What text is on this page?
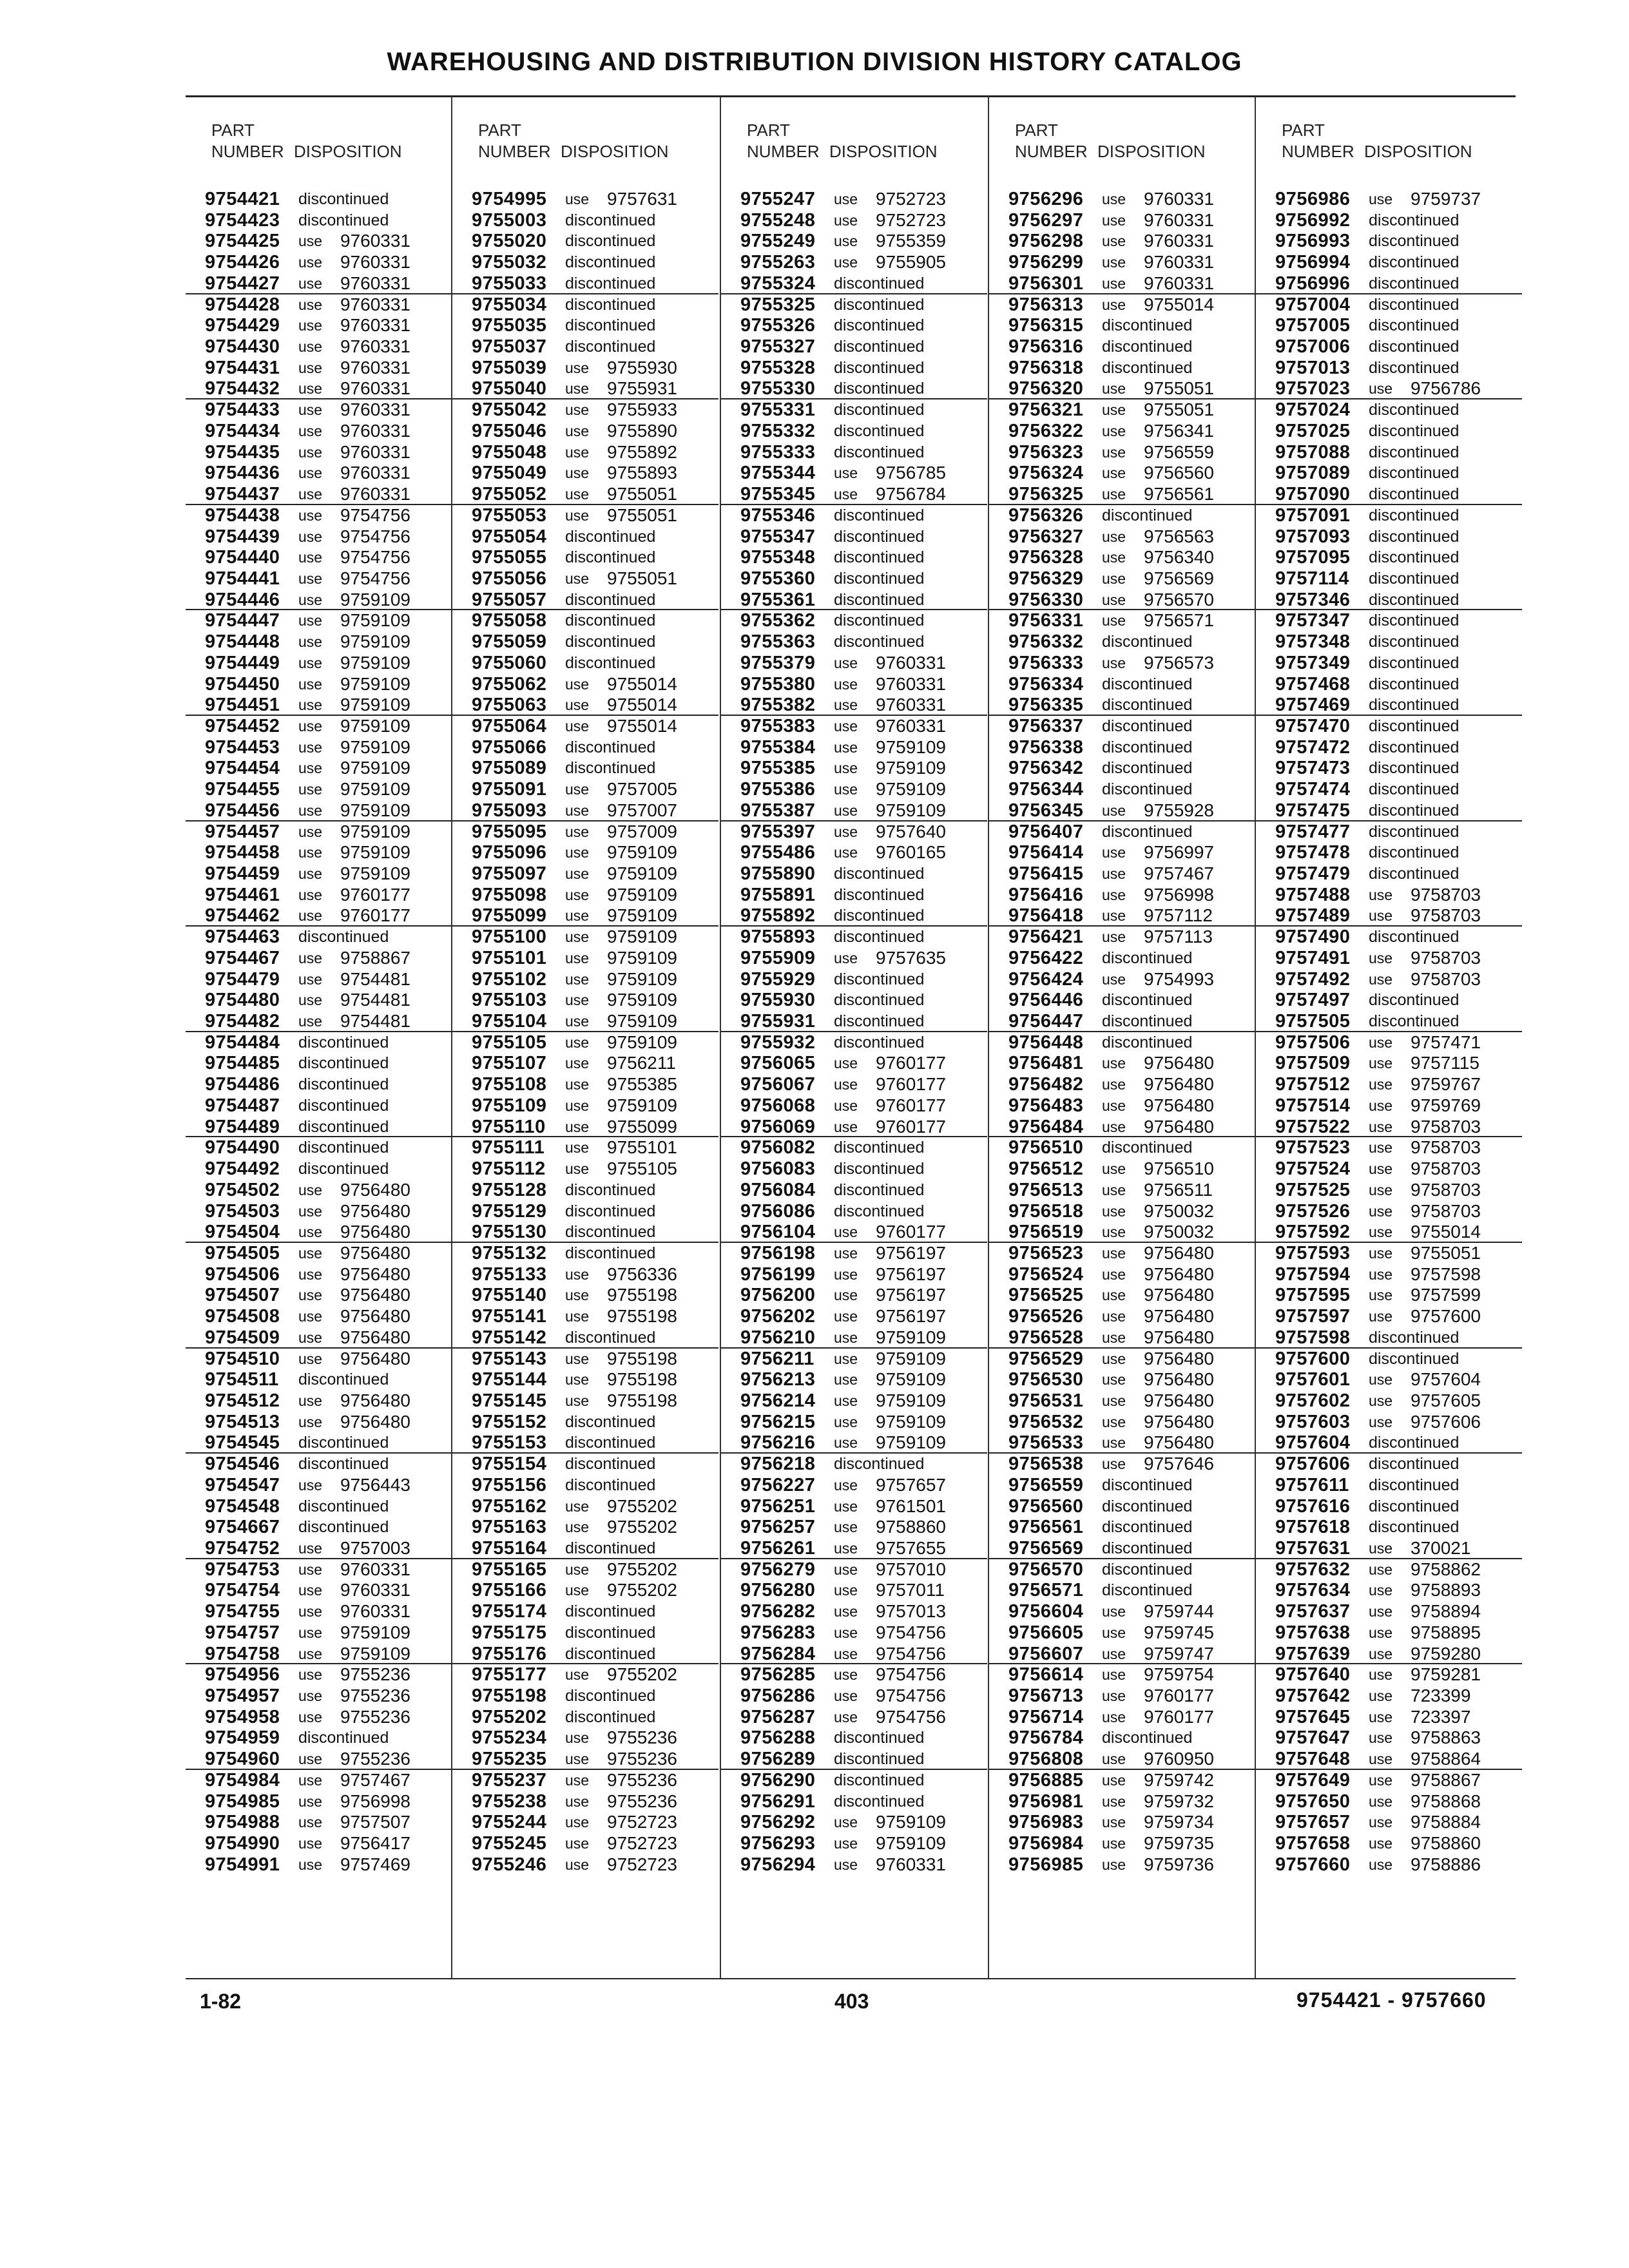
WAREHOUSING AND DISTRIBUTION DIVISION HISTORY CATALOG
PART
NUMBER DISPOSITION
9754421 discontinued
9754423 discontinued
9754425 use 9760331
9754426 use 9760331
9754427 use 9760331
9754428 use 9760331
9754429 use 9760331
9754430 use 9760331
9754431 use 9760331
9754432 use 9760331
9754433 use 9760331
9754434 use 9760331
9754435 use 9760331
9754436 use 9760331
9754437 use 9760331
9754438 use 9754756
9754439 use 9754756
9754440 use 9754756
9754441 use 9754756
9754446 use 9759109
9754447 use 9759109
9754448 use 9759109
9754449 use 9759109
9754450 use 9759109
9754451 use 9759109
9754452 use 9759109
9754453 use 9759109
9754454 use 9759109
9754455 use 9759109
9754456 use 9759109
9754457 use 9759109
9754458 use 9759109
9754459 use 9759109
9754461 use 9760177
9754462 use 9760177
9754463 discontinued
9754467 use 9758867
9754479 use 9754481
9754480 use 9754481
9754482 use 9754481
9754484 discontinued
9754485 discontinued
9754486 discontinued
9754487 discontinued
9754489 discontinued
9754490 discontinued
9754492 discontinued
9754502 use 9756480
9754503 use 9756480
9754504 use 9756480
9754505 use 9756480
9754506 use 9756480
9754507 use 9756480
9754508 use 9756480
9754509 use 9756480
9754510 use 9756480
9754511 discontinued
9754512 use 9756480
9754513 use 9756480
9754545 discontinued
9754546 discontinued
9754547 use 9756443
9754548 discontinued
9754667 discontinued
9754752 use 9757003
9754753 use 9760331
9754754 use 9760331
9754755 use 9760331
9754757 use 9759109
9754758 use 9759109
9754956 use 9755236
9754957 use 9755236
9754958 use 9755236
9754959 discontinued
9754960 use 9755236
9754984 use 9757467
9754985 use 9756998
9754988 use 9757507
9754990 use 9756417
9754991 use 9757469
PART
NUMBER DISPOSITION
9754995 use 9757631
9755003 discontinued
9755020 discontinued
9755032 discontinued
9755033 discontinued
9755034 discontinued
9755035 discontinued
9755037 discontinued
9755039 use 9755930
9755040 use 9755931
9755042 use 9755933
9755046 use 9755890
9755048 use 9755892
9755049 use 9755893
9755052 use 9755051
9755053 use 9755051
9755054 discontinued
9755055 discontinued
9755056 use 9755051
9755057 discontinued
9755058 discontinued
9755059 discontinued
9755060 discontinued
9755062 use 9755014
9755063 use 9755014
9755064 use 9755014
9755066 discontinued
9755089 discontinued
9755091 use 9757005
9755093 use 9757007
9755095 use 9757009
9755096 use 9759109
9755097 use 9759109
9755098 use 9759109
9755099 use 9759109
9755100 use 9759109
9755101 use 9759109
9755102 use 9759109
9755103 use 9759109
9755104 use 9759109
9755105 use 9759109
9755107 use 9756211
9755108 use 9755385
9755109 use 9759109
9755110 use 9755099
9755111 use 9755101
9755112 use 9755105
9755128 discontinued
9755129 discontinued
9755130 discontinued
9755132 discontinued
9755133 use 9756336
9755140 use 9755198
9755141 use 9755198
9755142 discontinued
9755143 use 9755198
9755144 use 9755198
9755145 use 9755198
9755152 discontinued
9755153 discontinued
9755154 discontinued
9755156 discontinued
9755162 use 9755202
9755163 use 9755202
9755164 discontinued
9755165 use 9755202
9755166 use 9755202
9755174 discontinued
9755175 discontinued
9755176 discontinued
9755177 use 9755202
9755198 discontinued
9755202 discontinued
9755234 use 9755236
9755235 use 9755236
9755237 use 9755236
9755238 use 9755236
9755244 use 9752723
9755245 use 9752723
9755246 use 9752723
PART
NUMBER DISPOSITION
9755247 use 9752723
9755248 use 9752723
9755249 use 9755359
9755263 use 9755905
9755324 discontinued
9755325 discontinued
9755326 discontinued
9755327 discontinued
9755328 discontinued
9755330 discontinued
9755331 discontinued
9755332 discontinued
9755333 discontinued
9755344 use 9756785
9755345 use 9756784
9755346 discontinued
9755347 discontinued
9755348 discontinued
9755360 discontinued
9755361 discontinued
9755362 discontinued
9755363 discontinued
9755379 use 9760331
9755380 use 9760331
9755382 use 9760331
9755383 use 9760331
9755384 use 9759109
9755385 use 9759109
9755386 use 9759109
9755387 use 9759109
9755397 use 9757640
9755486 use 9760165
9755890 discontinued
9755891 discontinued
9755892 discontinued
9755893 discontinued
9755909 use 9757635
9755929 discontinued
9755930 discontinued
9755931 discontinued
9755932 discontinued
9756065 use 9760177
9756067 use 9760177
9756068 use 9760177
9756069 use 9760177
9756082 discontinued
9756083 discontinued
9756084 discontinued
9756086 discontinued
9756104 use 9760177
9756198 use 9756197
9756199 use 9756197
9756200 use 9756197
9756202 use 9756197
9756210 use 9759109
9756211 use 9759109
9756213 use 9759109
9756214 use 9759109
9756215 use 9759109
9756216 use 9759109
9756218 discontinued
9756227 use 9757657
9756251 use 9761501
9756257 use 9758860
9756261 use 9757655
9756279 use 9757010
9756280 use 9757011
9756282 use 9757013
9756283 use 9754756
9756284 use 9754756
9756285 use 9754756
9756286 use 9754756
9756287 use 9754756
9756288 discontinued
9756289 discontinued
9756290 discontinued
9756291 discontinued
9756292 use 9759109
9756293 use 9759109
9756294 use 9760331
PART
NUMBER DISPOSITION
9756296 use 9760331
9756297 use 9760331
9756298 use 9760331
9756299 use 9760331
9756301 use 9760331
9756313 use 9755014
9756315 discontinued
9756316 discontinued
9756318 discontinued
9756320 use 9755051
9756321 use 9755051
9756322 use 9756341
9756323 use 9756559
9756324 use 9756560
9756325 use 9756561
9756326 discontinued
9756327 use 9756563
9756328 use 9756340
9756329 use 9756569
9756330 use 9756570
9756331 use 9756571
9756332 discontinued
9756333 use 9756573
9756334 discontinued
9756335 discontinued
9756337 discontinued
9756338 discontinued
9756342 discontinued
9756344 discontinued
9756345 use 9755928
9756407 discontinued
9756414 use 9756997
9756415 use 9757467
9756416 use 9756998
9756418 use 9757112
9756421 use 9757113
9756422 discontinued
9756424 use 9754993
9756446 discontinued
9756447 discontinued
9756448 discontinued
9756481 use 9756480
9756482 use 9756480
9756483 use 9756480
9756484 use 9756480
9756510 discontinued
9756512 use 9756510
9756513 use 9756511
9756518 use 9750032
9756519 use 9750032
9756523 use 9756480
9756524 use 9756480
9756525 use 9756480
9756526 use 9756480
9756528 use 9756480
9756529 use 9756480
9756530 use 9756480
9756531 use 9756480
9756532 use 9756480
9756533 use 9756480
9756538 use 9757646
9756559 discontinued
9756560 discontinued
9756561 discontinued
9756569 discontinued
9756570 discontinued
9756571 discontinued
9756604 use 9759744
9756605 use 9759745
9756607 use 9759747
9756614 use 9759754
9756713 use 9760177
9756714 use 9760177
9756784 discontinued
9756808 use 9760950
9756885 use 9759742
9756981 use 9759732
9756983 use 9759734
9756984 use 9759735
9756985 use 9759736
PART
NUMBER DISPOSITION
9756986 use 9759737
9756992 discontinued
9756993 discontinued
9756994 discontinued
9756996 discontinued
9757004 discontinued
9757005 discontinued
9757006 discontinued
9757013 discontinued
9757023 use 9756786
9757024 discontinued
9757025 discontinued
9757088 discontinued
9757089 discontinued
9757090 discontinued
9757091 discontinued
9757093 discontinued
9757095 discontinued
9757114 discontinued
9757346 discontinued
9757347 discontinued
9757348 discontinued
9757349 discontinued
9757468 discontinued
9757469 discontinued
9757470 discontinued
9757472 discontinued
9757473 discontinued
9757474 discontinued
9757475 discontinued
9757477 discontinued
9757478 discontinued
9757479 discontinued
9757488 use 9758703
9757489 use 9758703
9757490 discontinued
9757491 use 9758703
9757492 use 9758703
9757497 discontinued
9757505 discontinued
9757506 use 9757471
9757509 use 9757115
9757512 use 9759767
9757514 use 9759769
9757522 use 9758703
9757523 use 9758703
9757524 use 9758703
9757525 use 9758703
9757526 use 9758703
9757592 use 9755014
9757593 use 9755051
9757594 use 9757598
9757595 use 9757599
9757597 use 9757600
9757598 discontinued
9757600 discontinued
9757601 use 9757604
9757602 use 9757605
9757603 use 9757606
9757604 discontinued
9757606 discontinued
9757611 discontinued
9757616 discontinued
9757618 discontinued
9757631 use 370021
9757632 use 9758862
9757634 use 9758893
9757637 use 9758894
9757638 use 9758895
9757639 use 9759280
9757640 use 9759281
9757642 use 723399
9757645 use 723397
9757647 use 9758863
9757648 use 9758864
9757649 use 9758867
9757650 use 9758868
9757657 use 9758884
9757658 use 9758860
9757660 use 9758886
1-82	403	9754421 - 9757660
